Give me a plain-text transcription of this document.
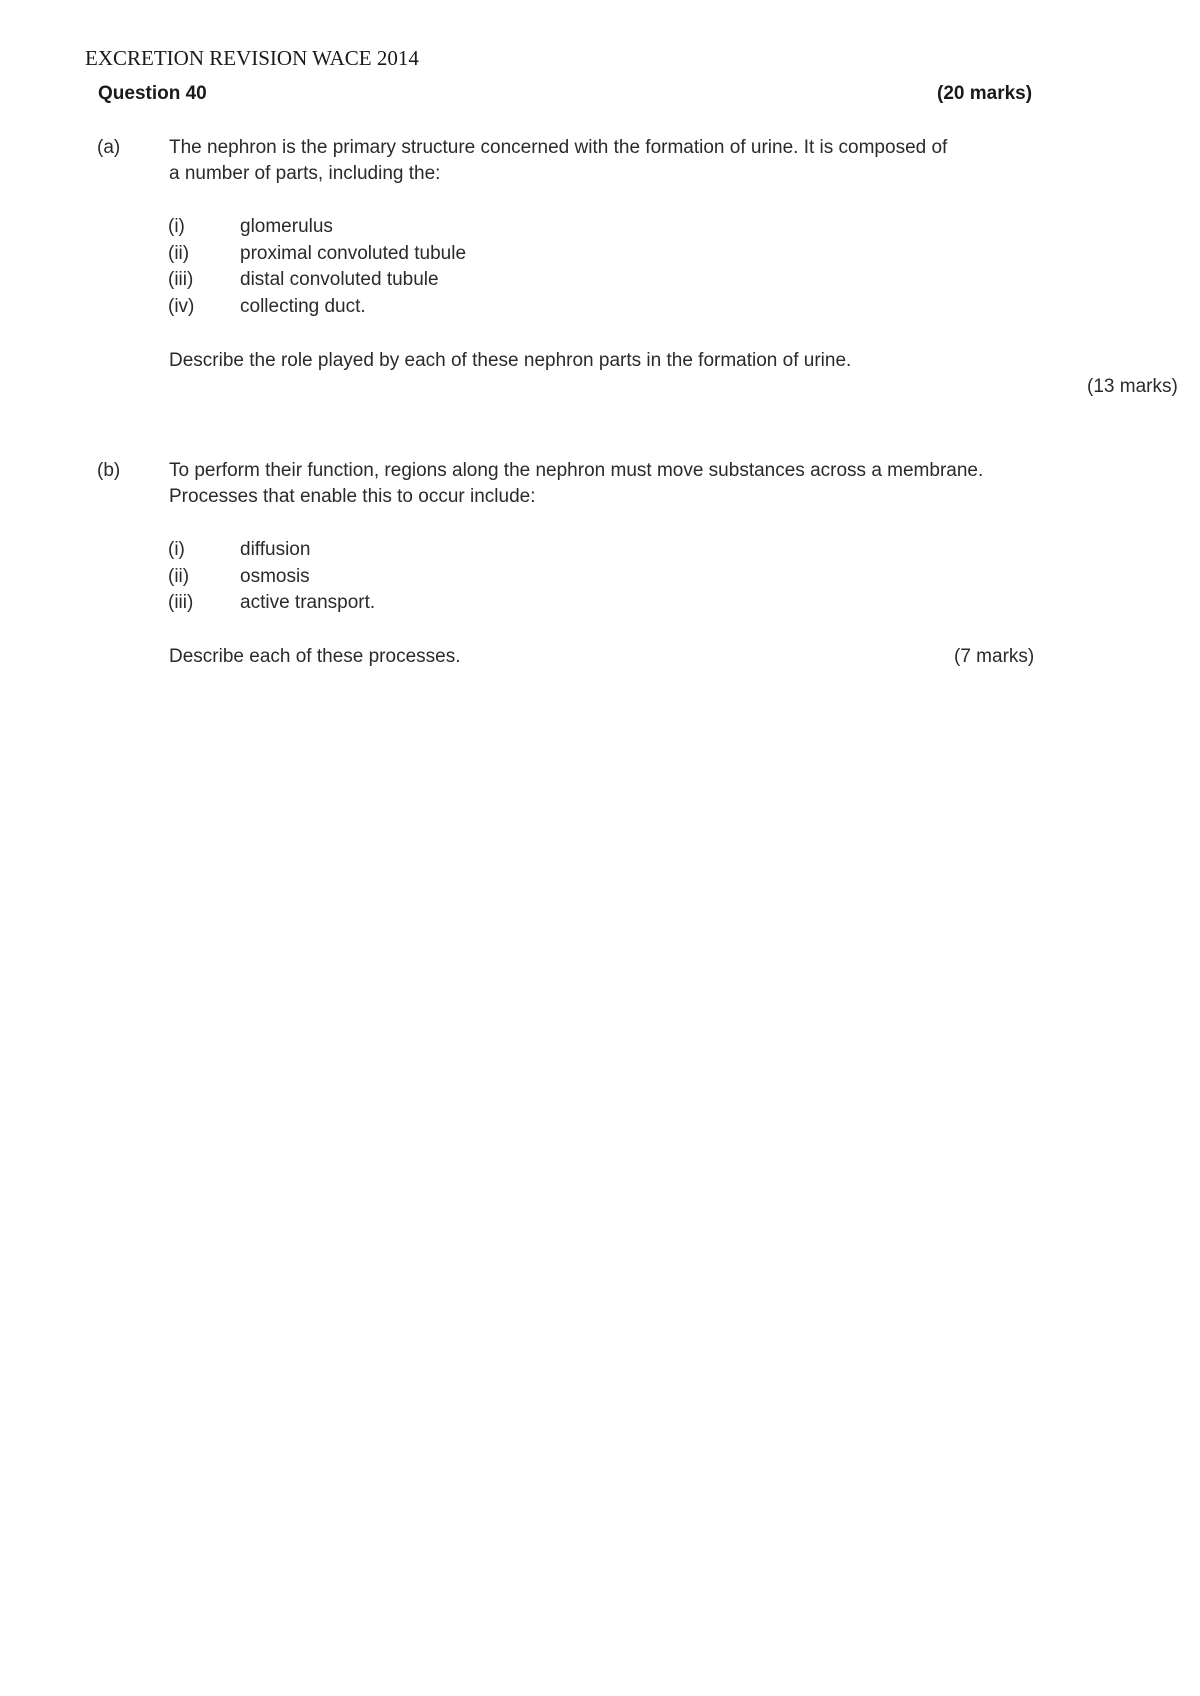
EXCRETION REVISION WACE 2014
Question 40	(20 marks)
(a)	The nephron is the primary structure concerned with the formation of urine. It is composed of
a number of parts, including the:
(i)	glomerulus
(ii)	proximal convoluted tubule
(iii) distal convoluted tubule
(iv) collecting duct.
Describe the role played by each of these nephron parts in the formation of urine.
(13 marks)
(b)	To perform their function, regions along the nephron must move substances across a membrane.
Processes that enable this to occur include:
(i)	diffusion
(ii)	osmosis
(iii) active transport.
Describe each of these processes.	(7 marks)
